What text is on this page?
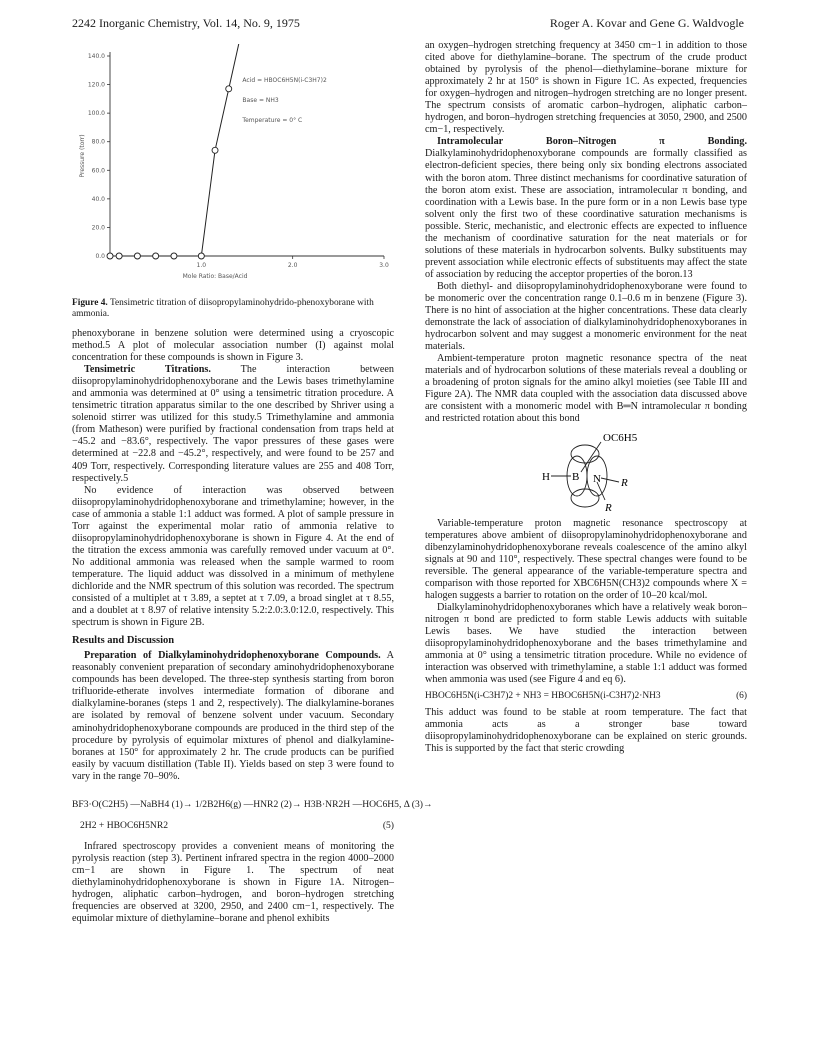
2242 Inorganic Chemistry, Vol. 14, No. 9, 1975	Roger A. Kovar and Gene G. Waldvogle
0.0
20.0
40.0
60.0
80.0
100.0
120.0
140.0
1.0	2.0	3.0
Mole Ratio: Base/Acid
Pressure (torr)
Acid = HBOC6H5N(i-C3H7)2
Base = NH3
Temperature = 0° C
Figure 4. Tensimetric titration of diisopropylaminohydrido-phenoxyborane with ammonia.

phenoxyborane in benzene solution were determined using a cryoscopic method.5 A plot of molecular association number (I) against molal concentration for these compounds is shown in Figure 3.

Tensimetric Titrations. The interaction between diisopropylaminohydridophenoxyborane and the Lewis bases trimethylamine and ammonia was determined at 0° using a tensimetric titration procedure. A tensimetric titration apparatus similar to the one described by Shriver using a solenoid stirrer was utilized for this study.5 Trimethylamine and ammonia (from Matheson) were purified by fractional condensation from traps held at −45.2 and −83.6°, respectively. The vapor pressures of these gases were determined at −22.8 and −45.2°, respectively, and were found to be 257 and 409 Torr, respectively. Corresponding literature values are 255 and 408 Torr, respectively.5

No evidence of interaction was observed between diisopropylaminohydridophenoxyborane and trimethylamine; however, in the case of ammonia a stable 1:1 adduct was formed. A plot of sample pressure in Torr against the experimental molar ratio of ammonia relative to diisopropylaminohydridophenoxyborane is shown in Figure 4. At the end of the titration the excess ammonia was carefully removed under vacuum at 0°. No additional ammonia was released when the sample warmed to room temperature. The liquid adduct was dissolved in a minimum of methylene dichloride and the NMR spectrum of this solution was recorded. The spectrum consisted of a multiplet at τ 3.89, a septet at τ 7.09, a broad singlet at τ 8.55, and a doublet at τ 8.97 of relative intensity 5.2:2.0:3.0:12.0, respectively. This spectrum is shown in Figure 2B.

Results and Discussion

Preparation of Dialkylaminohydridophenoxyborane Compounds. A reasonably convenient preparation of secondary aminohydridophenoxyborane compounds has been developed. The three-step synthesis starting from boron trifluoride-etherate involves intermediate formation of diborane and dialkylamine-boranes (steps 1 and 2, respectively). The dialkylamine-boranes are isolated by removal of benzene solvent under vacuum. Secondary aminohydridophenoxyborane compounds are produced in the third step of the procedure by pyrolysis of equimolar mixtures of phenol and dialkylamine-boranes at 150° for approximately 2 hr. The crude products can be purified easily by vacuum distillation (Table II). Yields based on step 3 were found to vary in the range 70–90%.

BF3·O(C2H5) —NaBH4 (1)→ 1/2B2H6(g) —HNR2 (2)→ H3B·NR2H —HOC6H5, Δ (3)→
2H2 + HBOC6H5NR2	(5)

Infrared spectroscopy provides a convenient means of monitoring the pyrolysis reaction (step 3). Pertinent infrared spectra in the region 4000–2000 cm−1 are shown in Figure 1. The spectrum of neat diethylaminohydridophenoxyborane is shown in Figure 1A. Nitrogen–hydrogen, aliphatic carbon–hydrogen, and boron–hydrogen stretching frequencies are observed at 3200, 2950, and 2400 cm−1, respectively. The equimolar mixture of diethylamine–borane and phenol exhibits

an oxygen–hydrogen stretching frequency at 3450 cm−1 in addition to those cited above for diethylamine–borane. The spectrum of the crude product obtained by pyrolysis of the phenol—diethylamine–borane mixture for approximately 2 hr at 150° is shown in Figure 1C. As expected, frequencies for oxygen–hydrogen and nitrogen–hydrogen stretching are no longer present. The spectrum consists of aromatic carbon–hydrogen, aliphatic carbon–hydrogen, and boron–hydrogen stretching frequencies at 3050, 2900, and 2500 cm−1, respectively.

Intramolecular Boron–Nitrogen π Bonding. Dialkylaminohydridophenoxyborane compounds are formally classified as electron-deficient species, there being only six bonding electrons associated with the boron atom. Three distinct mechanisms for coordinative saturation of the boron atom exist. These are association, intramolecular π bonding, and coordination with a Lewis base. In the pure form or in a non Lewis base type solvent only the first two of these coordinative saturation mechanisms is possible. Steric, mechanistic, and electronic effects are expected to influence the mechanism of coordinative saturation for the neat materials or for solutions of these materials in hydrocarbon solvents. Bulky substituents may prevent association while electronic effects of substituents may affect the state of association by reducing the acceptor properties of the boron.13

Both diethyl- and diisopropylaminohydridophenoxyborane were found to be monomeric over the concentration range 0.1–0.6 m in benzene (Figure 3). There is no hint of association at the higher concentrations. These data clearly demonstrate the lack of association of dialkylaminohydridophenoxyboranes in hydrocarbon solvent and may suggest a monomeric environment for the neat materials.

Ambient-temperature proton magnetic resonance spectra of the neat materials and of hydrocarbon solutions of these materials reveal a doubling or a broadening of proton signals for the amino alkyl moieties (see Table III and Figure 2A). The NMR data coupled with the association data discussed above are consistent with a monomeric model with B═N intramolecular π bonding and restricted rotation about this bond

H B N
OC6H5
R
R

Variable-temperature proton magnetic resonance spectroscopy at temperatures above ambient of diisopropylaminohydridophenoxyborane and dibenzylaminohydridophenoxyborane reveals coalescence of the amino alkyl signals at 90 and 110°, respectively. These spectral changes were found to be reversible. The general appearance of the variable-temperature spectra and comparison with those reported for XBC6H5N(CH3)2 compounds where X = halogen suggests a barrier to rotation on the order of 10–20 kcal/mol.

Dialkylaminohydridophenoxyboranes which have a relatively weak boron–nitrogen π bond are predicted to form stable Lewis adducts with suitable Lewis bases. We have studied the interaction between diisopropylaminohydridophenoxyborane and the bases trimethylamine and ammonia at 0° using a tensimetric titration procedure. While no evidence of interaction was observed with trimethylamine, a stable 1:1 adduct was formed when ammonia was used (see Figure 4 and eq 6).

HBOC6H5N(i-C3H7)2 + NH3 = HBOC6H5N(i-C3H7)2·NH3	(6)

This adduct was found to be stable at room temperature. The fact that ammonia acts as a stronger base toward diisopropylaminohydridophenoxyborane can be explained on steric grounds. This is supported by the fact that steric crowding
